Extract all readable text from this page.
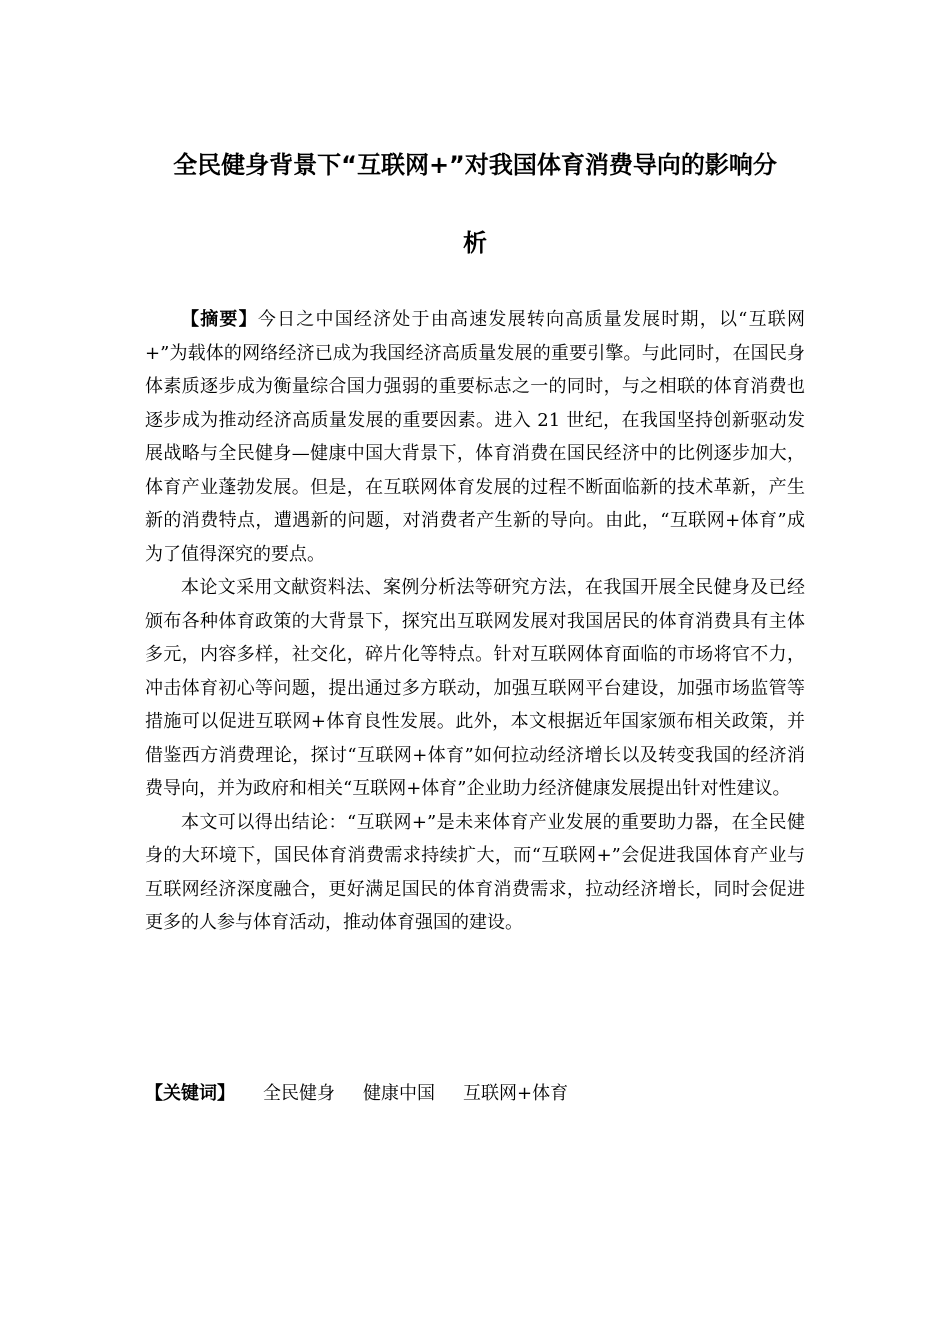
全民健身背景下“互联网+”对我国体育消费导向的影响分
析

【摘要】今日之中国经济处于由高速发展转向高质量发展时期，以“互联网+”为载体的网络经济已成为我国经济高质量发展的重要引擎。与此同时，在国民身体素质逐步成为衡量综合国力强弱的重要标志之一的同时，与之相联的体育消费也逐步成为推动经济高质量发展的重要因素。进入 21 世纪，在我国坚持创新驱动发展战略与全民健身—健康中国大背景下，体育消费在国民经济中的比例逐步加大，体育产业蓬勃发展。但是，在互联网体育发展的过程不断面临新的技术革新，产生新的消费特点，遭遇新的问题，对消费者产生新的导向。由此，“互联网+体育”成为了值得深究的要点。

本论文采用文献资料法、案例分析法等研究方法，在我国开展全民健身及已经颁布各种体育政策的大背景下，探究出互联网发展对我国居民的体育消费具有主体多元，内容多样，社交化，碎片化等特点。针对互联网体育面临的市场将官不力，冲击体育初心等问题，提出通过多方联动，加强互联网平台建设，加强市场监管等措施可以促进互联网+体育良性发展。此外，本文根据近年国家颁布相关政策，并借鉴西方消费理论，探讨“互联网+体育”如何拉动经济增长以及转变我国的经济消费导向，并为政府和相关“互联网+体育”企业助力经济健康发展提出针对性建议。

本文可以得出结论：“互联网+”是未来体育产业发展的重要助力器，在全民健身的大环境下，国民体育消费需求持续扩大，而“互联网+”会促进我国体育产业与互联网经济深度融合，更好满足国民的体育消费需求，拉动经济增长，同时会促进更多的人参与体育活动，推动体育强国的建设。

【关键词】 全民健身 健康中国 互联网+体育
